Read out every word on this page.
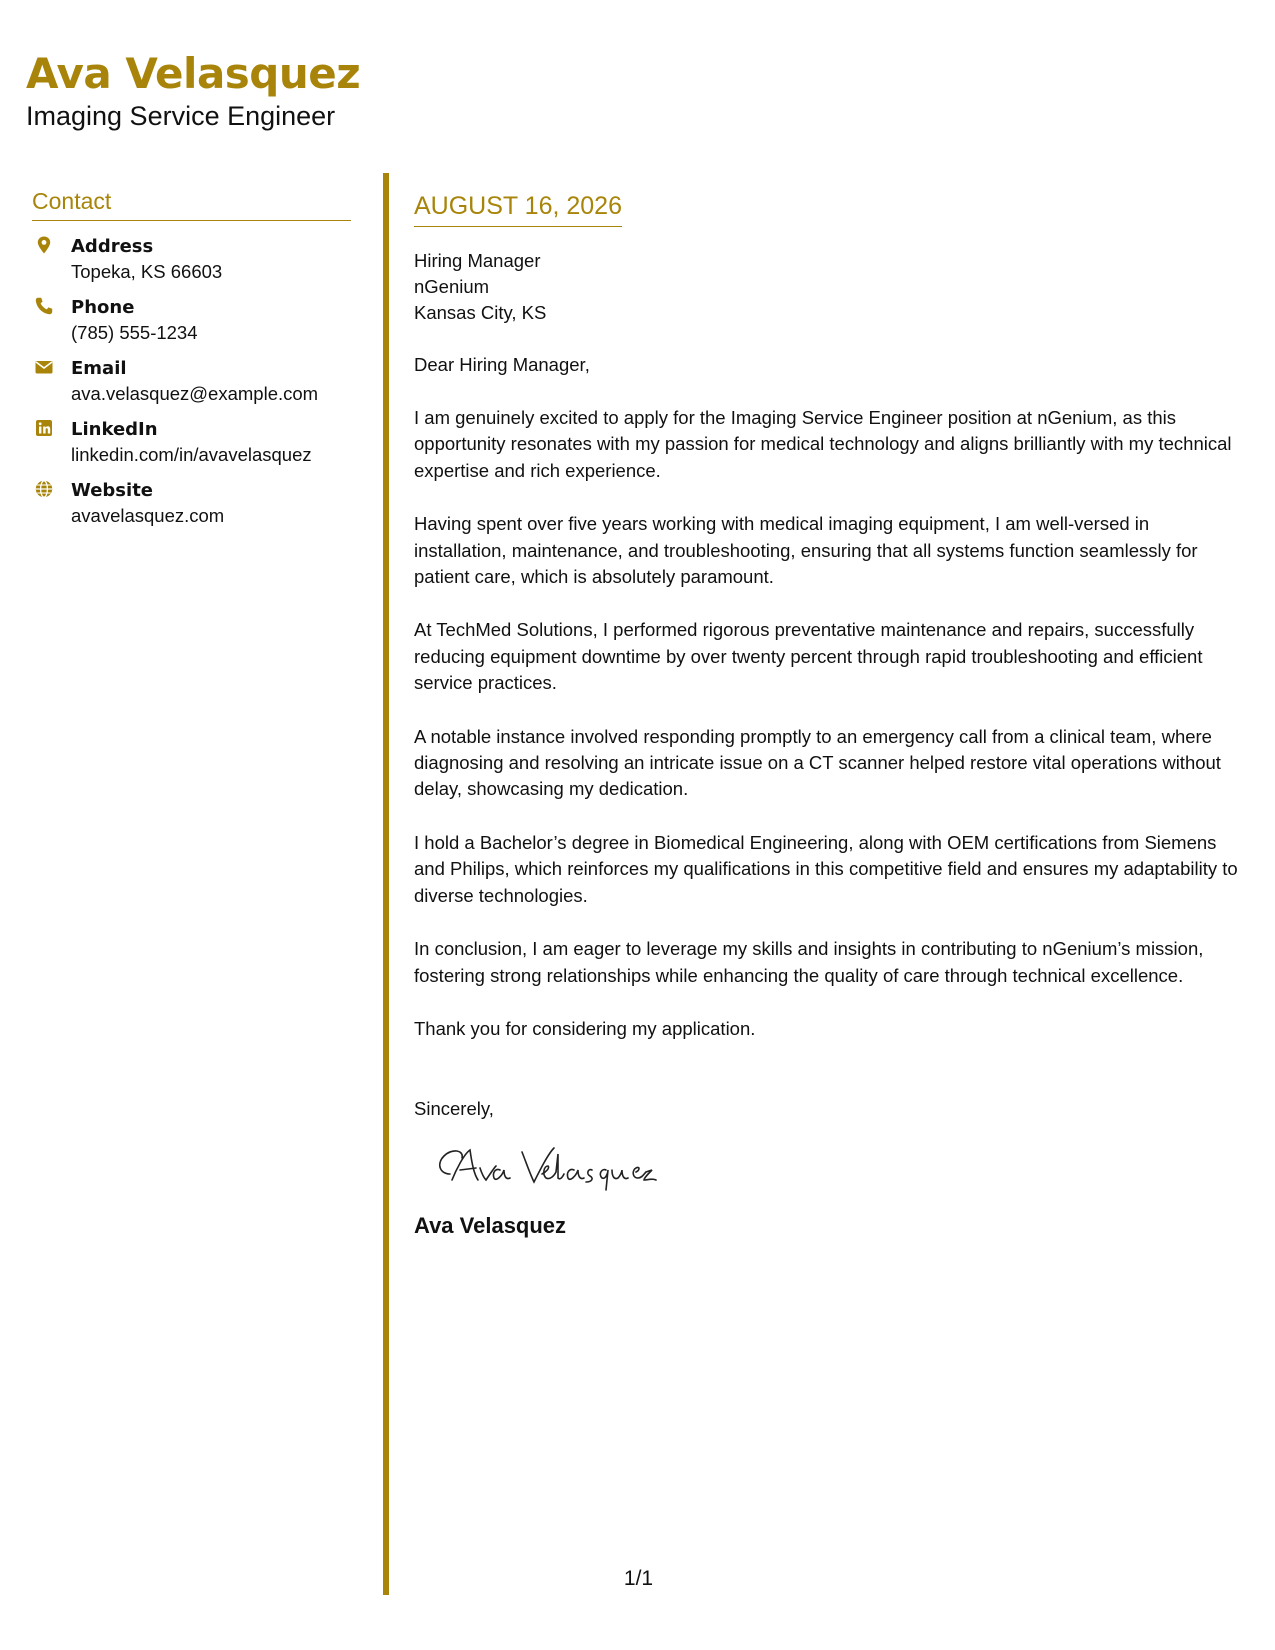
Ava Velasquez
Imaging Service Engineer
Contact
Address
Topeka, KS 66603
Phone
(785) 555-1234
Email
ava.velasquez@example.com
LinkedIn
linkedin.com/in/avavelasquez
Website
avavelasquez.com
AUGUST 16, 2026
Hiring Manager
nGenium
Kansas City, KS
Dear Hiring Manager,
I am genuinely excited to apply for the Imaging Service Engineer position at nGenium, as this opportunity resonates with my passion for medical technology and aligns brilliantly with my technical expertise and rich experience.
Having spent over five years working with medical imaging equipment, I am well-versed in installation, maintenance, and troubleshooting, ensuring that all systems function seamlessly for patient care, which is absolutely paramount.
At TechMed Solutions, I performed rigorous preventative maintenance and repairs, successfully reducing equipment downtime by over twenty percent through rapid troubleshooting and efficient service practices.
A notable instance involved responding promptly to an emergency call from a clinical team, where diagnosing and resolving an intricate issue on a CT scanner helped restore vital operations without delay, showcasing my dedication.
I hold a Bachelor’s degree in Biomedical Engineering, along with OEM certifications from Siemens and Philips, which reinforces my qualifications in this competitive field and ensures my adaptability to diverse technologies.
In conclusion, I am eager to leverage my skills and insights in contributing to nGenium’s mission, fostering strong relationships while enhancing the quality of care through technical excellence.
Thank you for considering my application.
Sincerely,
Ava Velasquez
1/1
